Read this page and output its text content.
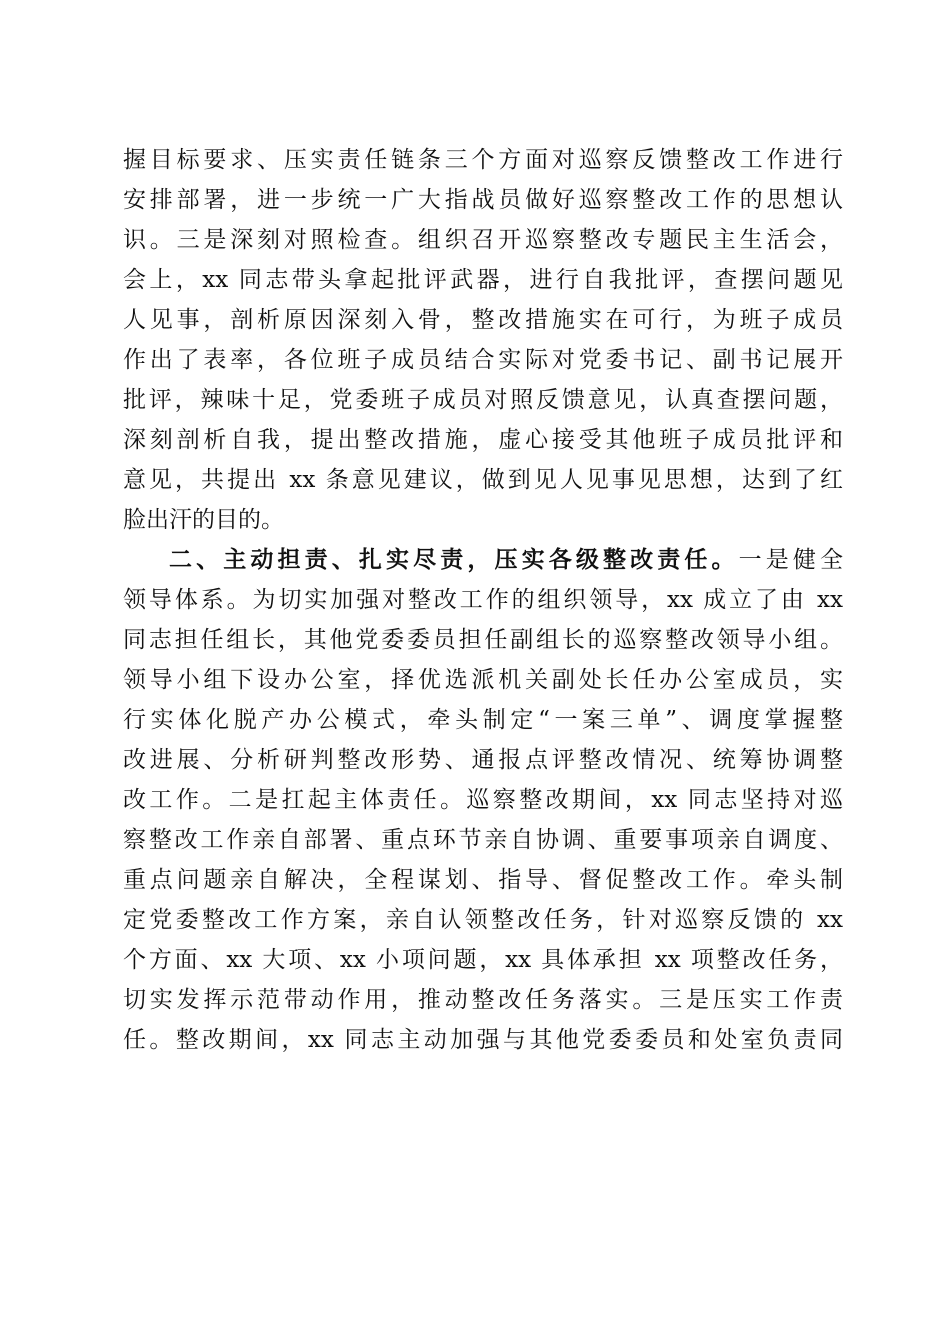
握目标要求、压实责任链条三个方面对巡察反馈整改工作进行
安排部署，进一步统一广大指战员做好巡察整改工作的思想认
识。三是深刻对照检查。组织召开巡察整改专题民主生活会，
会上，xx 同志带头拿起批评武器，进行自我批评，查摆问题见
人见事，剖析原因深刻入骨，整改措施实在可行，为班子成员
作出了表率，各位班子成员结合实际对党委书记、副书记展开
批评，辣味十足，党委班子成员对照反馈意见，认真查摆问题，
深刻剖析自我，提出整改措施，虚心接受其他班子成员批评和
意见，共提出 xx 条意见建议，做到见人见事见思想，达到了红
脸出汗的目的。
二、主动担责、扎实尽责，压实各级整改责任。一是健全
领导体系。为切实加强对整改工作的组织领导，xx 成立了由 xx
同志担任组长，其他党委委员担任副组长的巡察整改领导小组。
领导小组下设办公室，择优选派机关副处长任办公室成员，实
行实体化脱产办公模式，牵头制定“一案三单”、调度掌握整
改进展、分析研判整改形势、通报点评整改情况、统筹协调整
改工作。二是扛起主体责任。巡察整改期间，xx 同志坚持对巡
察整改工作亲自部署、重点环节亲自协调、重要事项亲自调度、
重点问题亲自解决，全程谋划、指导、督促整改工作。牵头制
定党委整改工作方案，亲自认领整改任务，针对巡察反馈的 xx
个方面、xx 大项、xx 小项问题，xx 具体承担 xx 项整改任务，
切实发挥示范带动作用，推动整改任务落实。三是压实工作责
任。整改期间，xx 同志主动加强与其他党委委员和处室负责同
